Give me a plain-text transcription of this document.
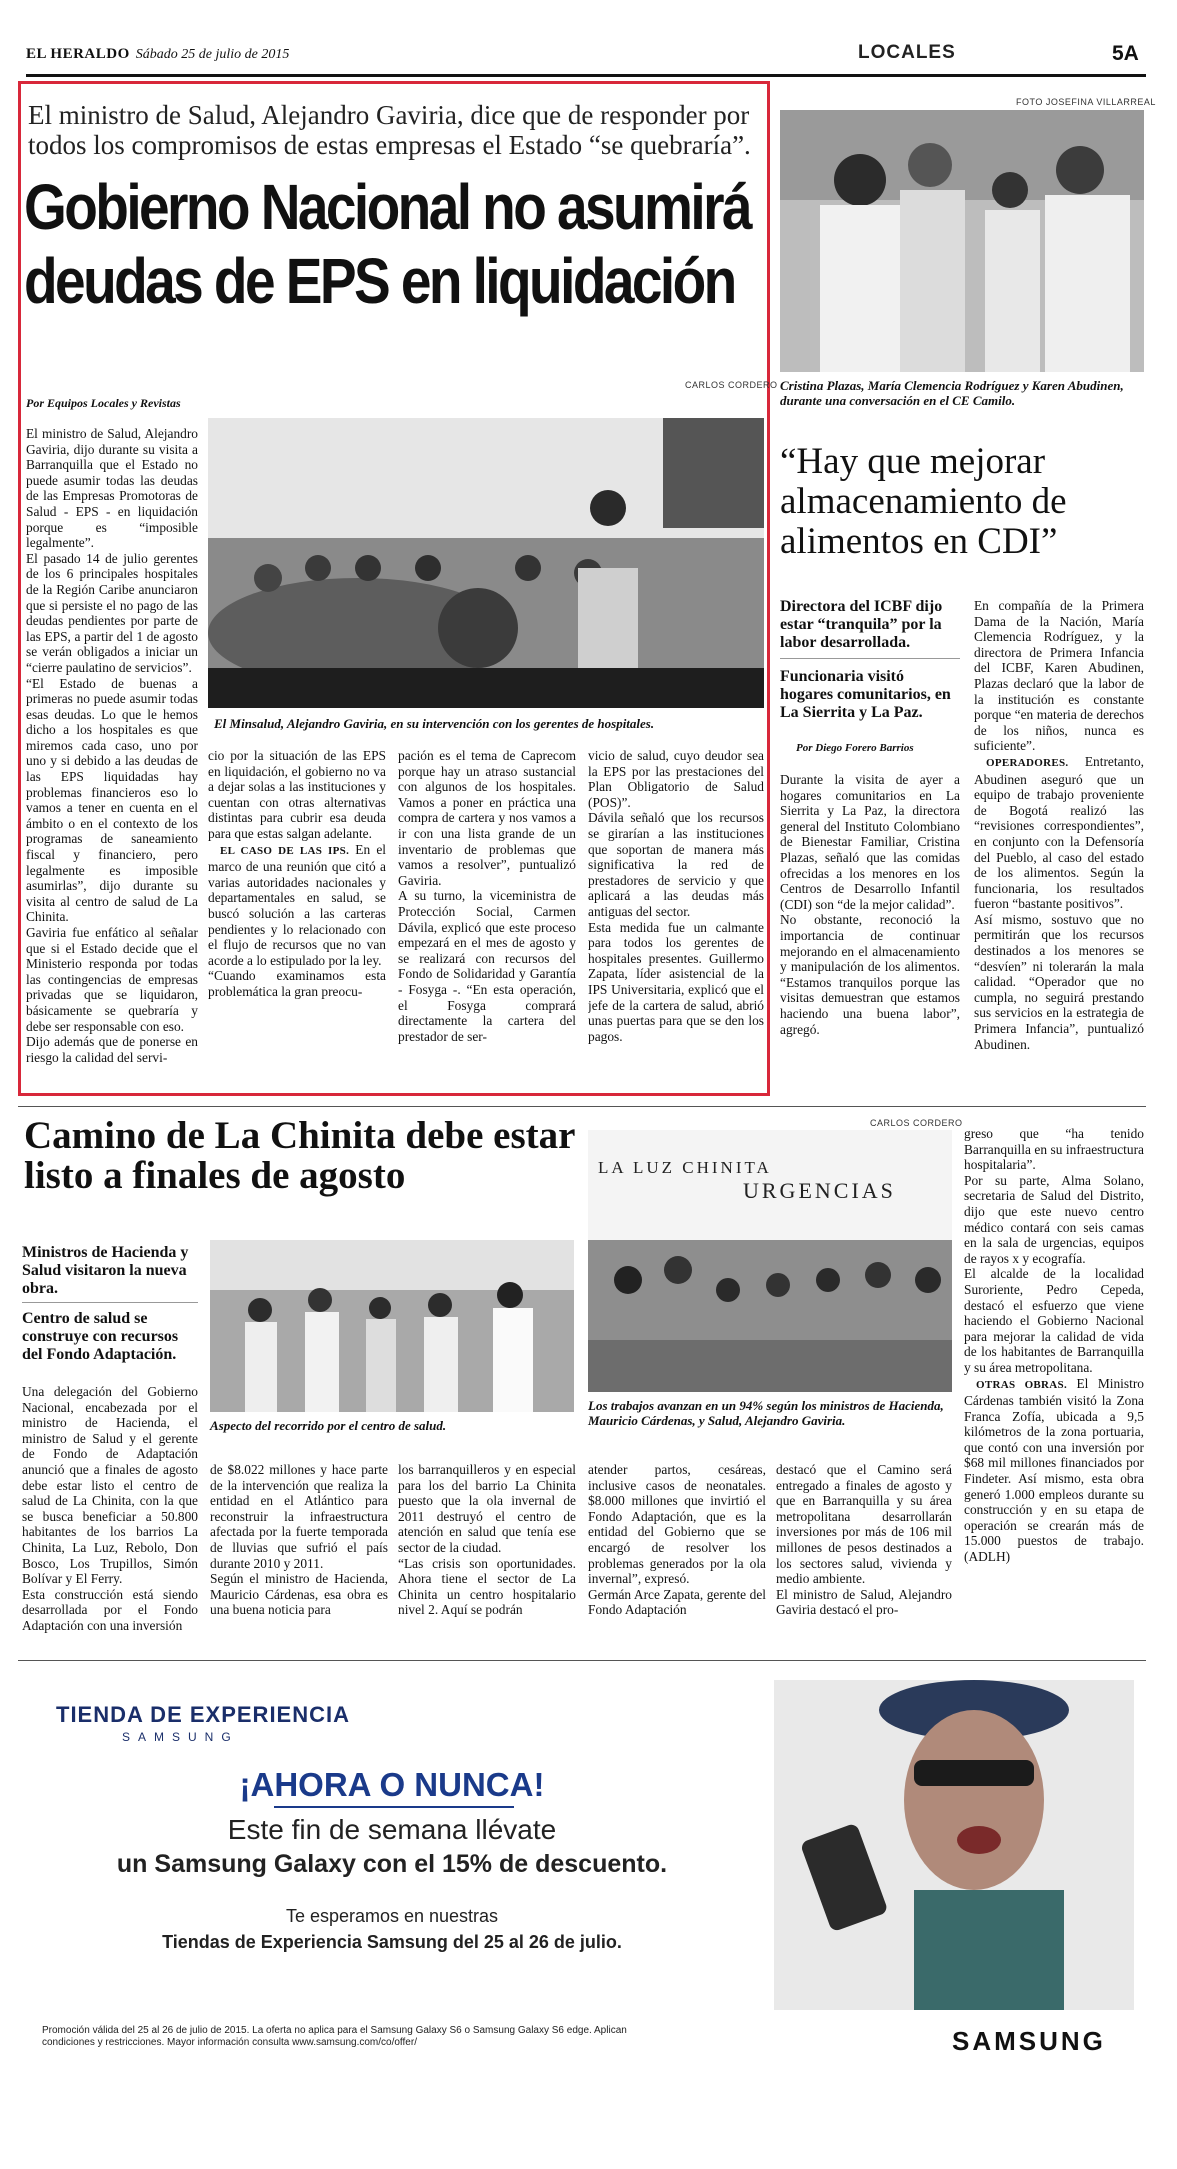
EL HERALDO Sábado 25 de julio de 2015	LOCALES	5A
El ministro de Salud, Alejandro Gaviria, dice que de responder por todos los compromisos de estas empresas el Estado “se quebraría”.
Gobierno Nacional no asumirá deudas de EPS en liquidación
CARLOS CORDERO
Por Equipos Locales y Revistas

El ministro de Salud, Alejandro Gaviria, dijo durante su visita a Barranquilla que el Estado no puede asumir todas las deudas de las Empresas Promotoras de Salud - EPS - en liquidación porque es “imposible legalmente”.
El pasado 14 de julio gerentes de los 6 principales hospitales de la Región Caribe anunciaron que si persiste el no pago de las deudas pendientes por parte de las EPS, a partir del 1 de agosto se verán obligados a iniciar un “cierre paulatino de servicios”.
“El Estado de buenas a primeras no puede asumir todas esas deudas. Lo que le hemos dicho a los hospitales es que miremos cada caso, uno por uno y si debido a las deudas de las EPS liquidadas hay problemas financieros eso lo vamos a tener en cuenta en el ámbito o en el contexto de los programas de saneamiento fiscal y financiero, pero legalmente es imposible asumirlas”, dijo durante su visita al centro de salud de La Chinita.
Gaviria fue enfático al señalar que si el Estado decide que el Ministerio responda por todas las contingencias de empresas privadas que se liquidaron, básicamente se quebraría y debe ser responsable con eso.
Dijo además que de ponerse en riesgo la calidad del servi-

El Minsalud, Alejandro Gaviria, en su intervención con los gerentes de hospitales.

cio por la situación de las EPS en liquidación, el gobierno no va a dejar solas a las instituciones y cuentan con otras alternativas distintas para cubrir esa deuda para que estas salgan adelante.

EL CASO DE LAS IPS. En el marco de una reunión que citó a varias autoridades nacionales y departamentales en salud, se buscó solución a las carteras pendientes y lo relacionado con el flujo de recursos que no van acorde a lo estipulado por la ley.
“Cuando examinamos esta problemática la gran preocu-

pación es el tema de Caprecom porque hay un atraso sustancial con algunos de los hospitales. Vamos a poner en práctica una compra de cartera y nos vamos a ir con una lista grande de un inventario de problemas que vamos a resolver”, puntualizó Gaviria.
A su turno, la viceministra de Protección Social, Carmen Dávila, explicó que este proceso empezará en el mes de agosto y se realizará con recursos del Fondo de Solidaridad y Garantía - Fosyga -. “En esta operación, el Fosyga comprará directamente la cartera del prestador de ser-

vicio de salud, cuyo deudor sea la EPS por las prestaciones del Plan Obligatorio de Salud (POS)”.
Dávila señaló que los recursos se girarían a las instituciones que soportan de manera más significativa la red de prestadores de servicio y que aplicará a las deudas más antiguas del sector.
Esta medida fue un calmante para todos los gerentes de hospitales presentes. Guillermo Zapata, líder asistencial de la IPS Universitaria, explicó que el jefe de la cartera de salud, abrió unas puertas para que se den los pagos.

FOTO JOSEFINA VILLARREAL
Cristina Plazas, María Clemencia Rodríguez y Karen Abudinen, durante una conversación en el CE Camilo.
“Hay que mejorar almacenamiento de alimentos en CDI”
Directora del ICBF dijo estar “tranquila” por la labor desarrollada.
Funcionaria visitó hogares comunitarios, en La Sierrita y La Paz.
Por Diego Forero Barrios

Durante la visita de ayer a hogares comunitarios en La Sierrita y La Paz, la directora general del Instituto Colombiano de Bienestar Familiar, Cristina Plazas, señaló que las comidas ofrecidas a los menores en los Centros de Desarrollo Infantil (CDI) son “de la mejor calidad”.
No obstante, reconoció la importancia de continuar mejorando en el almacenamiento y manipulación de los alimentos. “Estamos tranquilos porque las visitas demuestran que estamos haciendo una buena labor”, agregó.

En compañía de la Primera Dama de la Nación, María Clemencia Rodríguez, y la directora de Primera Infancia del ICBF, Karen Abudinen, Plazas declaró que la labor de la institución es constante porque “en materia de derechos de los niños, nunca es suficiente”.

OPERADORES. Entretanto, Abudinen aseguró que un equipo de trabajo proveniente de Bogotá realizó las “revisiones correspondientes”, en conjunto con la Defensoría del Pueblo, al caso del estado de los alimentos. Según la funcionaria, los resultados fueron “bastante positivos”.
Así mismo, sostuvo que no permitirán que los recursos destinados a los menores se “desvíen” ni tolerarán la mala calidad. “Operador que no cumpla, no seguirá prestando sus servicios en la estrategia de Primera Infancia”, puntualizó Abudinen.

Camino de La Chinita debe estar listo a finales de agosto
CARLOS CORDERO
Ministros de Hacienda y Salud visitaron la nueva obra.
Centro de salud se construye con recursos del Fondo Adaptación.
Aspecto del recorrido por el centro de salud.
LA LUZ CHINITA
URGENCIAS
Los trabajos avanzan en un 94% según los ministros de Hacienda, Mauricio Cárdenas, y Salud, Alejandro Gaviria.

Una delegación del Gobierno Nacional, encabezada por el ministro de Hacienda, el ministro de Salud y el gerente de Fondo de Adaptación anunció que a finales de agosto debe estar listo el centro de salud de La Chinita, con la que se busca beneficiar a 50.800 habitantes de los barrios La Chinita, La Luz, Rebolo, Don Bosco, Los Trupillos, Simón Bolívar y El Ferry.
Esta construcción está siendo desarrollada por el Fondo Adaptación con una inversión

de $8.022 millones y hace parte de la intervención que realiza la entidad en el Atlántico para reconstruir la infraestructura afectada por la fuerte temporada de lluvias que sufrió el país durante 2010 y 2011.
Según el ministro de Hacienda, Mauricio Cárdenas, esa obra es una buena noticia para

los barranquilleros y en especial para los del barrio La Chinita puesto que la ola invernal de 2011 destruyó el centro de atención en salud que tenía ese sector de la ciudad.
“Las crisis son oportunidades. Ahora tiene el sector de La Chinita un centro hospitalario nivel 2. Aquí se podrán

atender partos, cesáreas, inclusive casos de neonatales. $8.000 millones que invirtió el Fondo Adaptación, que es la entidad del Gobierno que se encargó de resolver los problemas generados por la ola invernal”, expresó.
Germán Arce Zapata, gerente del Fondo Adaptación

destacó que el Camino será entregado a finales de agosto y que en Barranquilla y su área metropolitana desarrollarán inversiones por más de 106 mil millones de pesos destinados a los sectores salud, vivienda y medio ambiente.
El ministro de Salud, Alejandro Gaviria destacó el pro-

greso que “ha tenido Barranquilla en su infraestructura hospitalaria”.
Por su parte, Alma Solano, secretaria de Salud del Distrito, dijo que este nuevo centro médico contará con seis camas en la sala de urgencias, equipos de rayos x y ecografía.
El alcalde de la localidad Suroriente, Pedro Cepeda, destacó el esfuerzo que viene haciendo el Gobierno Nacional para mejorar la calidad de vida de los habitantes de Barranquilla y su área metropolitana.

OTRAS OBRAS. El Ministro Cárdenas también visitó la Zona Franca Zofía, ubicada a 9,5 kilómetros de la zona portuaria, que contó con una inversión por $68 mil millones financiados por Findeter. Así mismo, esta obra generó 1.000 empleos durante su construcción y en su etapa de operación se crearán más de 15.000 puestos de trabajo. (ADLH)

TIENDA DE EXPERIENCIA
SAMSUNG
¡AHORA O NUNCA!
Este fin de semana llévate
un Samsung Galaxy con el 15% de descuento.
Te esperamos en nuestras
Tiendas de Experiencia Samsung del 25 al 26 de julio.
Promoción válida del 25 al 26 de julio de 2015. La oferta no aplica para el Samsung Galaxy S6 o Samsung Galaxy S6 edge. Aplican condiciones y restricciones. Mayor información consulta www.samsung.com/co/offer/	SAMSUNG
